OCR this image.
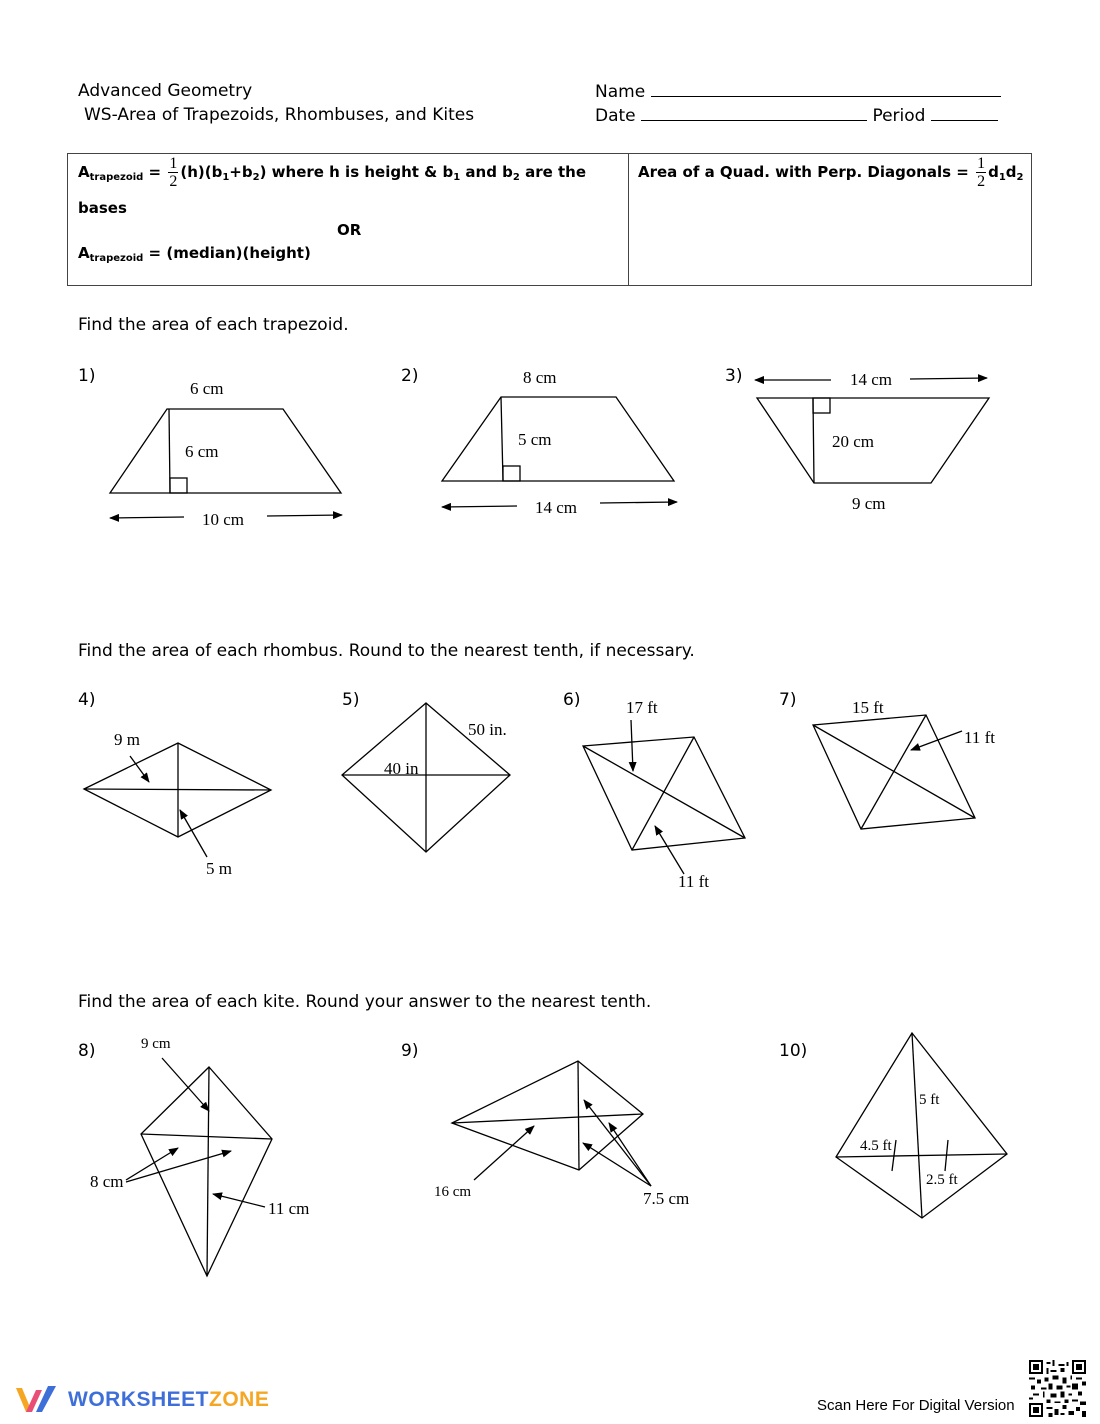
Advanced Geometry
WS-Area of Trapezoids, Rhombuses, and Kites
Name
Date	Period
$A_{trapezoid} = \frac{1}{2} (h)(b_1+b_2)$ where h is height & $b_1$ and $b_2$ are the
bases
OR
$A_{trapezoid}$ = (median)(height)
Area of a Quad. with Perp. Diagonals = $\frac{1}{2} d_1d_2$
Find the area of each trapezoid.
Find the area of each rhombus. Round to the nearest tenth, if necessary.
Find the area of each kite. Round your answer to the nearest tenth.
1)	2)	3)
4)	5)	6)	7)
8)	9)	10)
6 cm
6 cm
10 cm
8 cm
5 cm
14 cm
14 cm
20 cm
9 cm
9 m
5 m
50 in.
40 in
17 ft
11 ft
15 ft
11 ft
9 cm
8 cm
11 cm
16 cm	7.5 cm
5 ft
4.5 ft
2.5 ft
WORKSHEETZONE	Scan Here For Digital Version
